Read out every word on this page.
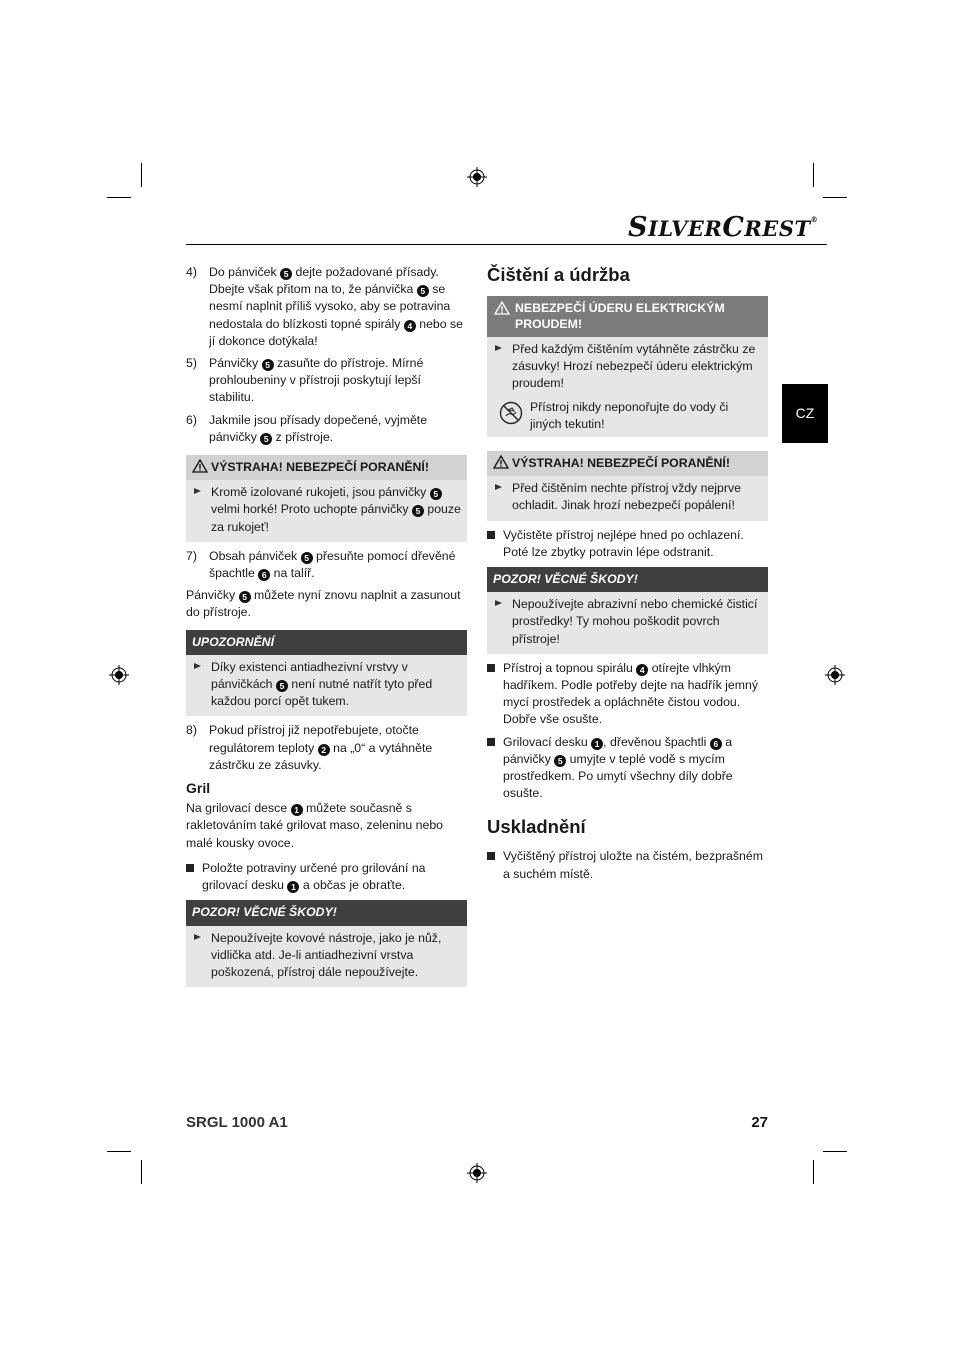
SILVERCREST®
CZ
4) Do pánviček 5 dejte požadované přísady. Dbejte však přitom na to, že pánvička 5 se nesmí naplnit příliš vysoko, aby se potravina nedostala do blízkosti topné spirály 4 nebo se jí dokonce dotýkala!
5) Pánvičky 5 zasuňte do přístroje. Mírné prohloubeniny v přístroji poskytují lepší stabilitu.
6) Jakmile jsou přísady dopečené, vyjměte pánvičky 5 z přístroje.
VÝSTRAHA! NEBEZPEČÍ PORANĚNÍ!
Kromě izolované rukojeti, jsou pánvičky 5 velmi horké! Proto uchopte pánvičky 5 pouze za rukojeť!
7) Obsah pánviček 5 přesuňte pomocí dřevěné špachtle 6 na talíř.
Pánvičky 5 můžete nyní znovu naplnit a zasunout do přístroje.
UPOZORNĚNÍ
Díky existenci antiadhezivní vrstvy v pánvičkách 5 není nutné natřít tyto před každou porcí opět tukem.
8) Pokud přístroj již nepotřebujete, otočte regulátorem teploty 2 na „0“ a vytáhněte zástrčku ze zásuvky.
Gril
Na grilovací desce 1 můžete současně s rakletováním také grilovat maso, zeleninu nebo malé kousky ovoce.
Položte potraviny určené pro grilování na grilovací desku 1 a občas je obraťte.
POZOR! VĚCNÉ ŠKODY!
Nepoužívejte kovové nástroje, jako je nůž, vidlička atd. Je-li antiadhezivní vrstva poškozená, přístroj dále nepoužívejte.
Čištění a údržba
NEBEZPEČÍ ÚDERU ELEKTRICKÝM PROUDEM!
Před každým čištěním vytáhněte zástrčku ze zásuvky! Hrozí nebezpečí úderu elektrickým proudem!
Přístroj nikdy neponořujte do vody či jiných tekutin!
VÝSTRAHA! NEBEZPEČÍ PORANĚNÍ!
Před čištěním nechte přístroj vždy nejprve ochladit. Jinak hrozí nebezpečí popálení!
Vyčistěte přístroj nejlépe hned po ochlazení. Poté lze zbytky potravin lépe odstranit.
POZOR! VĚCNÉ ŠKODY!
Nepoužívejte abrazivní nebo chemické čisticí prostředky! Ty mohou poškodit povrch přístroje!
Přístroj a topnou spirálu 4 otírejte vlhkým hadříkem. Podle potřeby dejte na hadřík jemný mycí prostředek a opláchněte čistou vodou. Dobře vše osušte.
Grilovací desku 1 , dřevěnou špachtli 6 a pánvičky 5 umyjte v teplé vodě s mycím prostředkem. Po umytí všechny díly dobře osušte.
Uskladnění
Vyčištěný přístroj uložte na čistém, bezprašném a suchém místě.
SRGL 1000 A1	27
